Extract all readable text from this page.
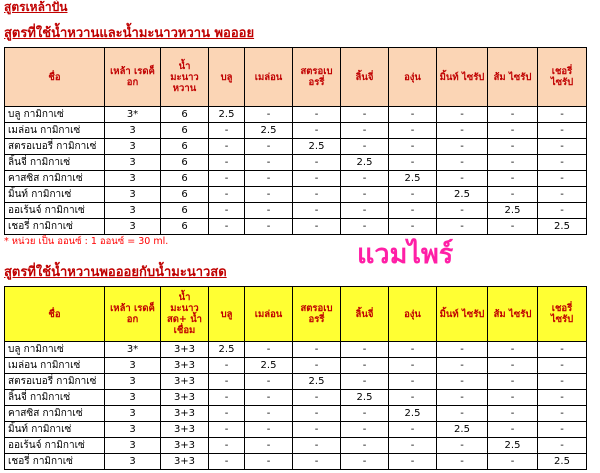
สูตรเหล้าปั่น
สูตรที่ใช้น้ำหวานและน้ำมะนาวหวาน พอออย
ชื่อ	เหล้า เรดค็อก	น้ำ มะนาว หวาน	บลู	เมล่อน	สตรอเบ อรรี่	ลิ้นจี่	องุ่น	มิ้นท์ ไซรัป	ส้ม ไซรัป	เชอรี่ ไซรัป
บลู กามิกาเซ่	3*	6	2.5	-	-	-	-	-	-	-
เมล่อน กามิกาเซ่	3	6	-	2.5	-	-	-	-	-	-
สตรอเบอรี่ กามิกาเซ่	3	6	-	-	2.5	-	-	-	-	-
ลิ้นจี่ กามิกาเซ่	3	6	-	-	-	2.5	-	-	-	-
คาสซิส กามิกาเซ่	3	6	-	-	-	-	2.5	-	-	-
มิ้นท์ กามิกาเซ่	3	6	-	-	-	-	-	2.5	-	-
ออเร้นจ์ กามิกาเซ่	3	6	-	-	-	-	-	-	2.5	-
เชอรี่ กามิกาเซ่	3	6	-	-	-	-	-	-	-	2.5
* หน่วย เป็น ออนซ์ : 1 ออนซ์ = 30 ml.	แวมไพร์
สูตรที่ใช้น้ำหวานพอออยกับน้ำมะนาวสด
ชื่อ	เหล้า เรดค็อก	น้ำ มะนาว สด+ น้ำเชื่อม	บลู	เมล่อน	สตรอเบ อรรี่	ลิ้นจี่	องุ่น	มิ้นท์ ไซรัป	ส้ม ไซรัป	เชอรี่ ไซรัป
บลู กามิกาเซ่	3*	3+3	2.5	-	-	-	-	-	-	-
เมล่อน กามิกาเซ่	3	3+3	-	2.5	-	-	-	-	-	-
สตรอเบอรี่ กามิกาเซ่	3	3+3	-	-	2.5	-	-	-	-	-
ลิ้นจี่ กามิกาเซ่	3	3+3	-	-	-	2.5	-	-	-	-
คาสซิส กามิกาเซ่	3	3+3	-	-	-	-	2.5	-	-	-
มิ้นท์ กามิกาเซ่	3	3+3	-	-	-	-	-	2.5	-	-
ออเร้นจ์ กามิกาเซ่	3	3+3	-	-	-	-	-	-	2.5	-
เชอรี่ กามิกาเซ่	3	3+3	-	-	-	-	-	-	-	2.5
